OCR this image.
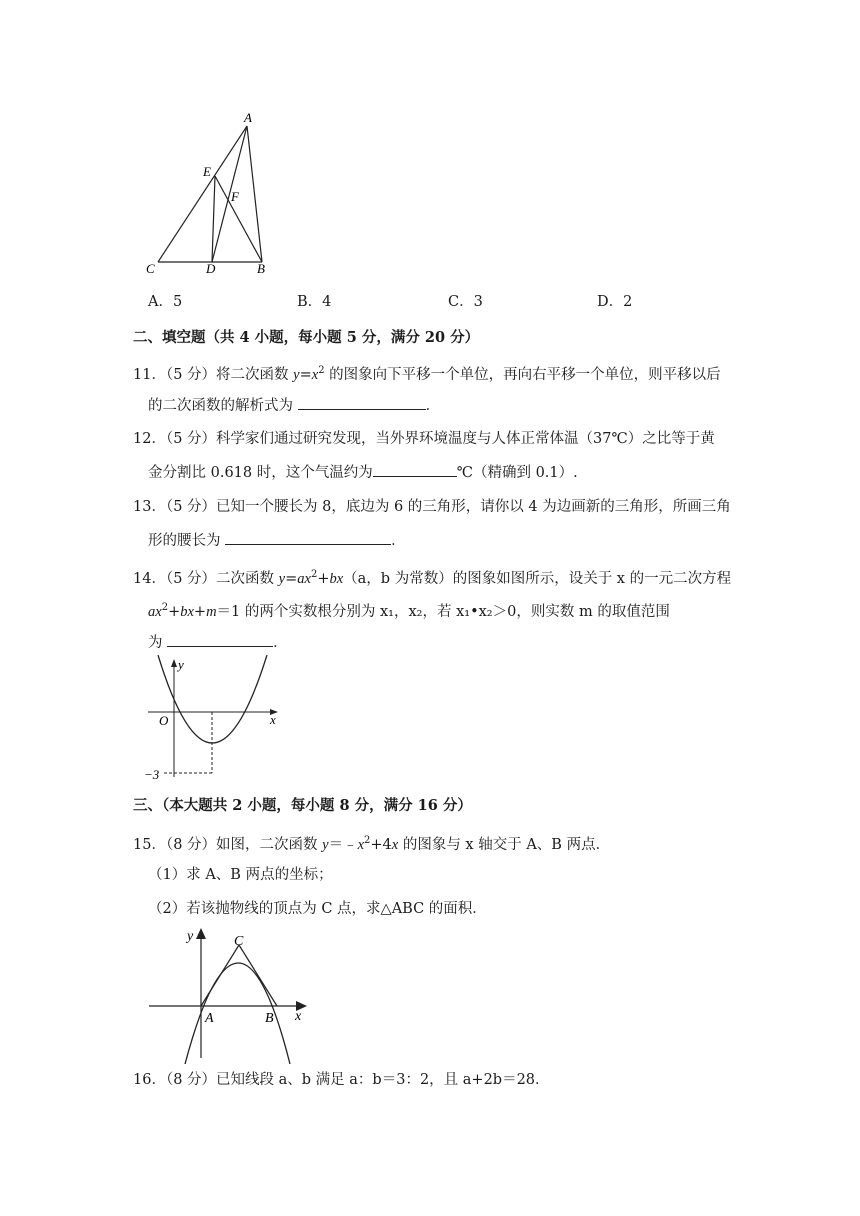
A
E
F
C	D	B
A．5	B．4	C．3	D．2
二、填空题（共 4 小题，每小题 5 分，满分 20 分）
11．（5 分）将二次函数 $y=x^2$ 的图象向下平移一个单位，再向右平移一个单位，则平移以后
的二次函数的解析式为	．
12．（5 分）科学家们通过研究发现，当外界环境温度与人体正常体温（37℃）之比等于黄
金分割比 0.618 时，这个气温约为	℃（精确到 0.1）.
13．（5 分）已知一个腰长为 8，底边为 6 的三角形，请你以 4 为边画新的三角形，所画三角
形的腰长为	．
14．（5 分）二次函数 $y=ax^2+bx(a$，b 为常数）的图象如图所示，设关于 x 的一元二次方程
$ax^2+bx+m=1$ 的两个实数根分别为 x₁，x₂，若 x₁•x₂＞0，则实数 m 的取值范围
为	．
y
x
O
−3
三、（本大题共 2 小题，每小题 8 分，满分 16 分）
15．（8 分）如图，二次函数 $y=﹣x^2+4x$ 的图象与 x 轴交于 A、B 两点．
（1）求 A、B 两点的坐标；
（2）若该抛物线的顶点为 C 点，求△ABC 的面积．
y
x
C
A	B
16．（8 分）已知线段 a、b 满足 a：b＝3：2，且 a+2b＝28．
